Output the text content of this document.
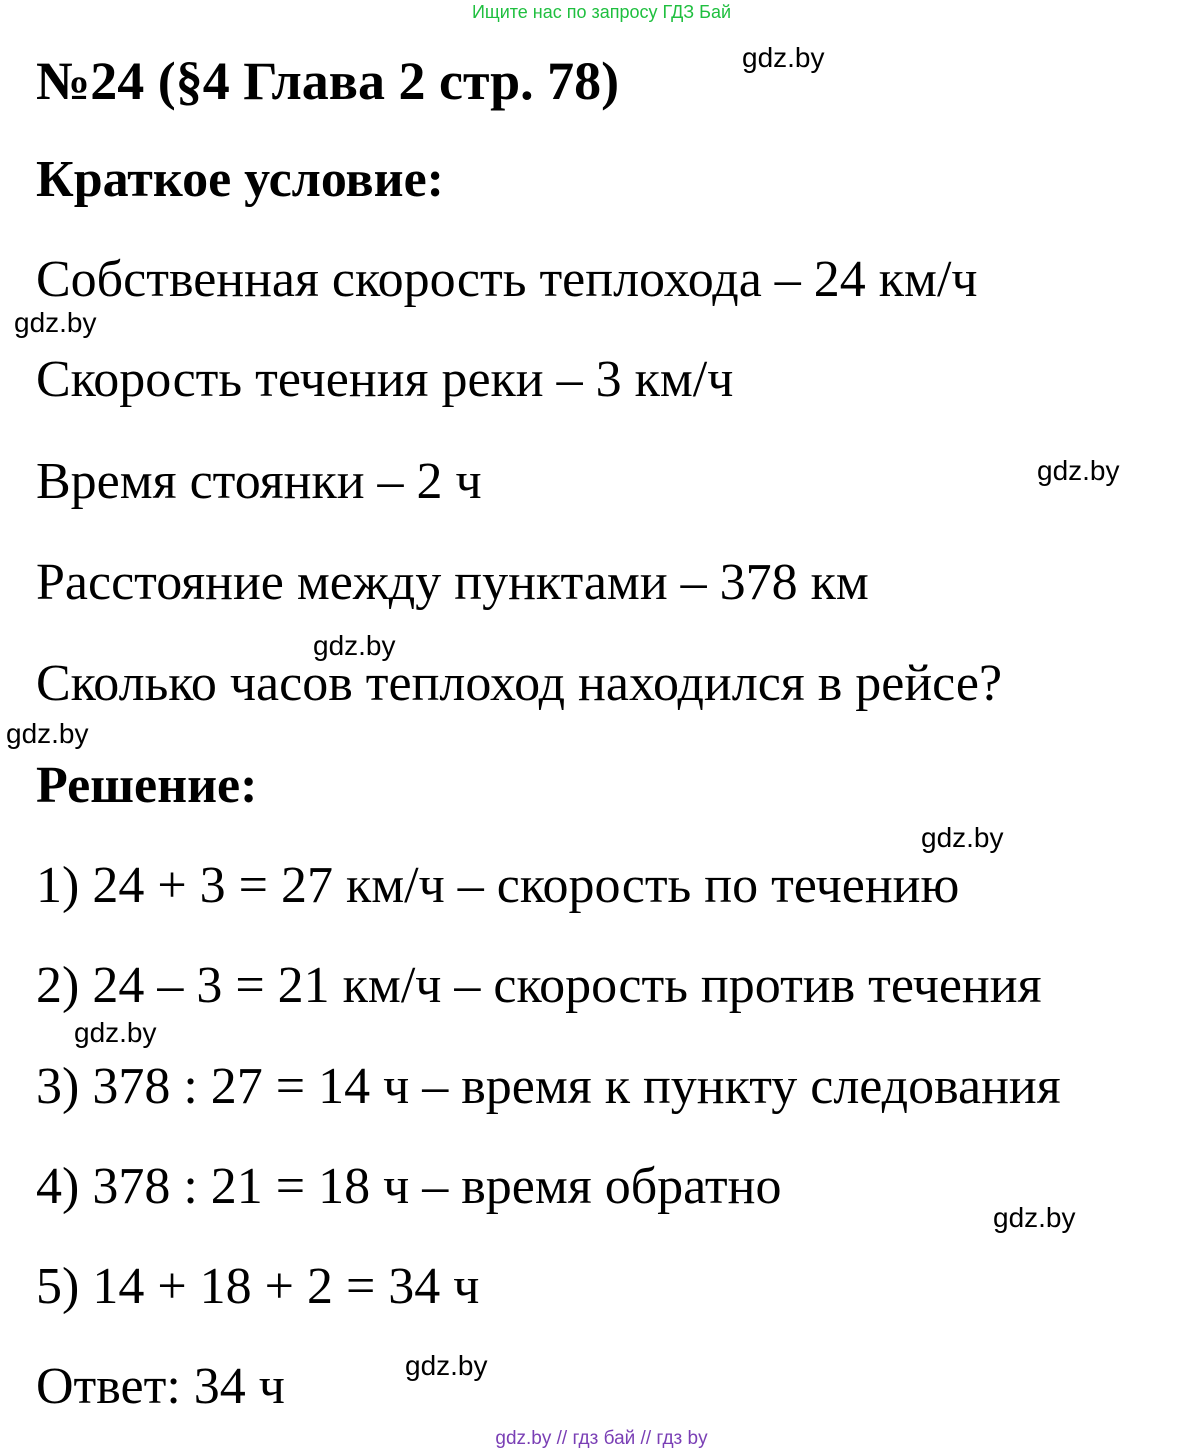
Ищите нас по запросу ГДЗ Бай
№24 (§4 Глава 2 стр. 78)
Краткое условие:
Собственная скорость теплохода – 24 км/ч
Скорость течения реки – 3 км/ч
Время стоянки – 2 ч
Расстояние между пунктами – 378 км
Сколько часов теплоход находился в рейсе?
Решение:
1) 24 + 3 = 27 км/ч – скорость по течению
2) 24 – 3 = 21 км/ч – скорость против течения
3) 378 : 27 = 14 ч – время к пункту следования
4) 378 : 21 = 18 ч – время обратно
5) 14 + 18 + 2 = 34 ч
Ответ: 34 ч
gdz.by
gdz.by
gdz.by
gdz.by
gdz.by
gdz.by
gdz.by
gdz.by
gdz.by
gdz.by // гдз бай // гдз by
